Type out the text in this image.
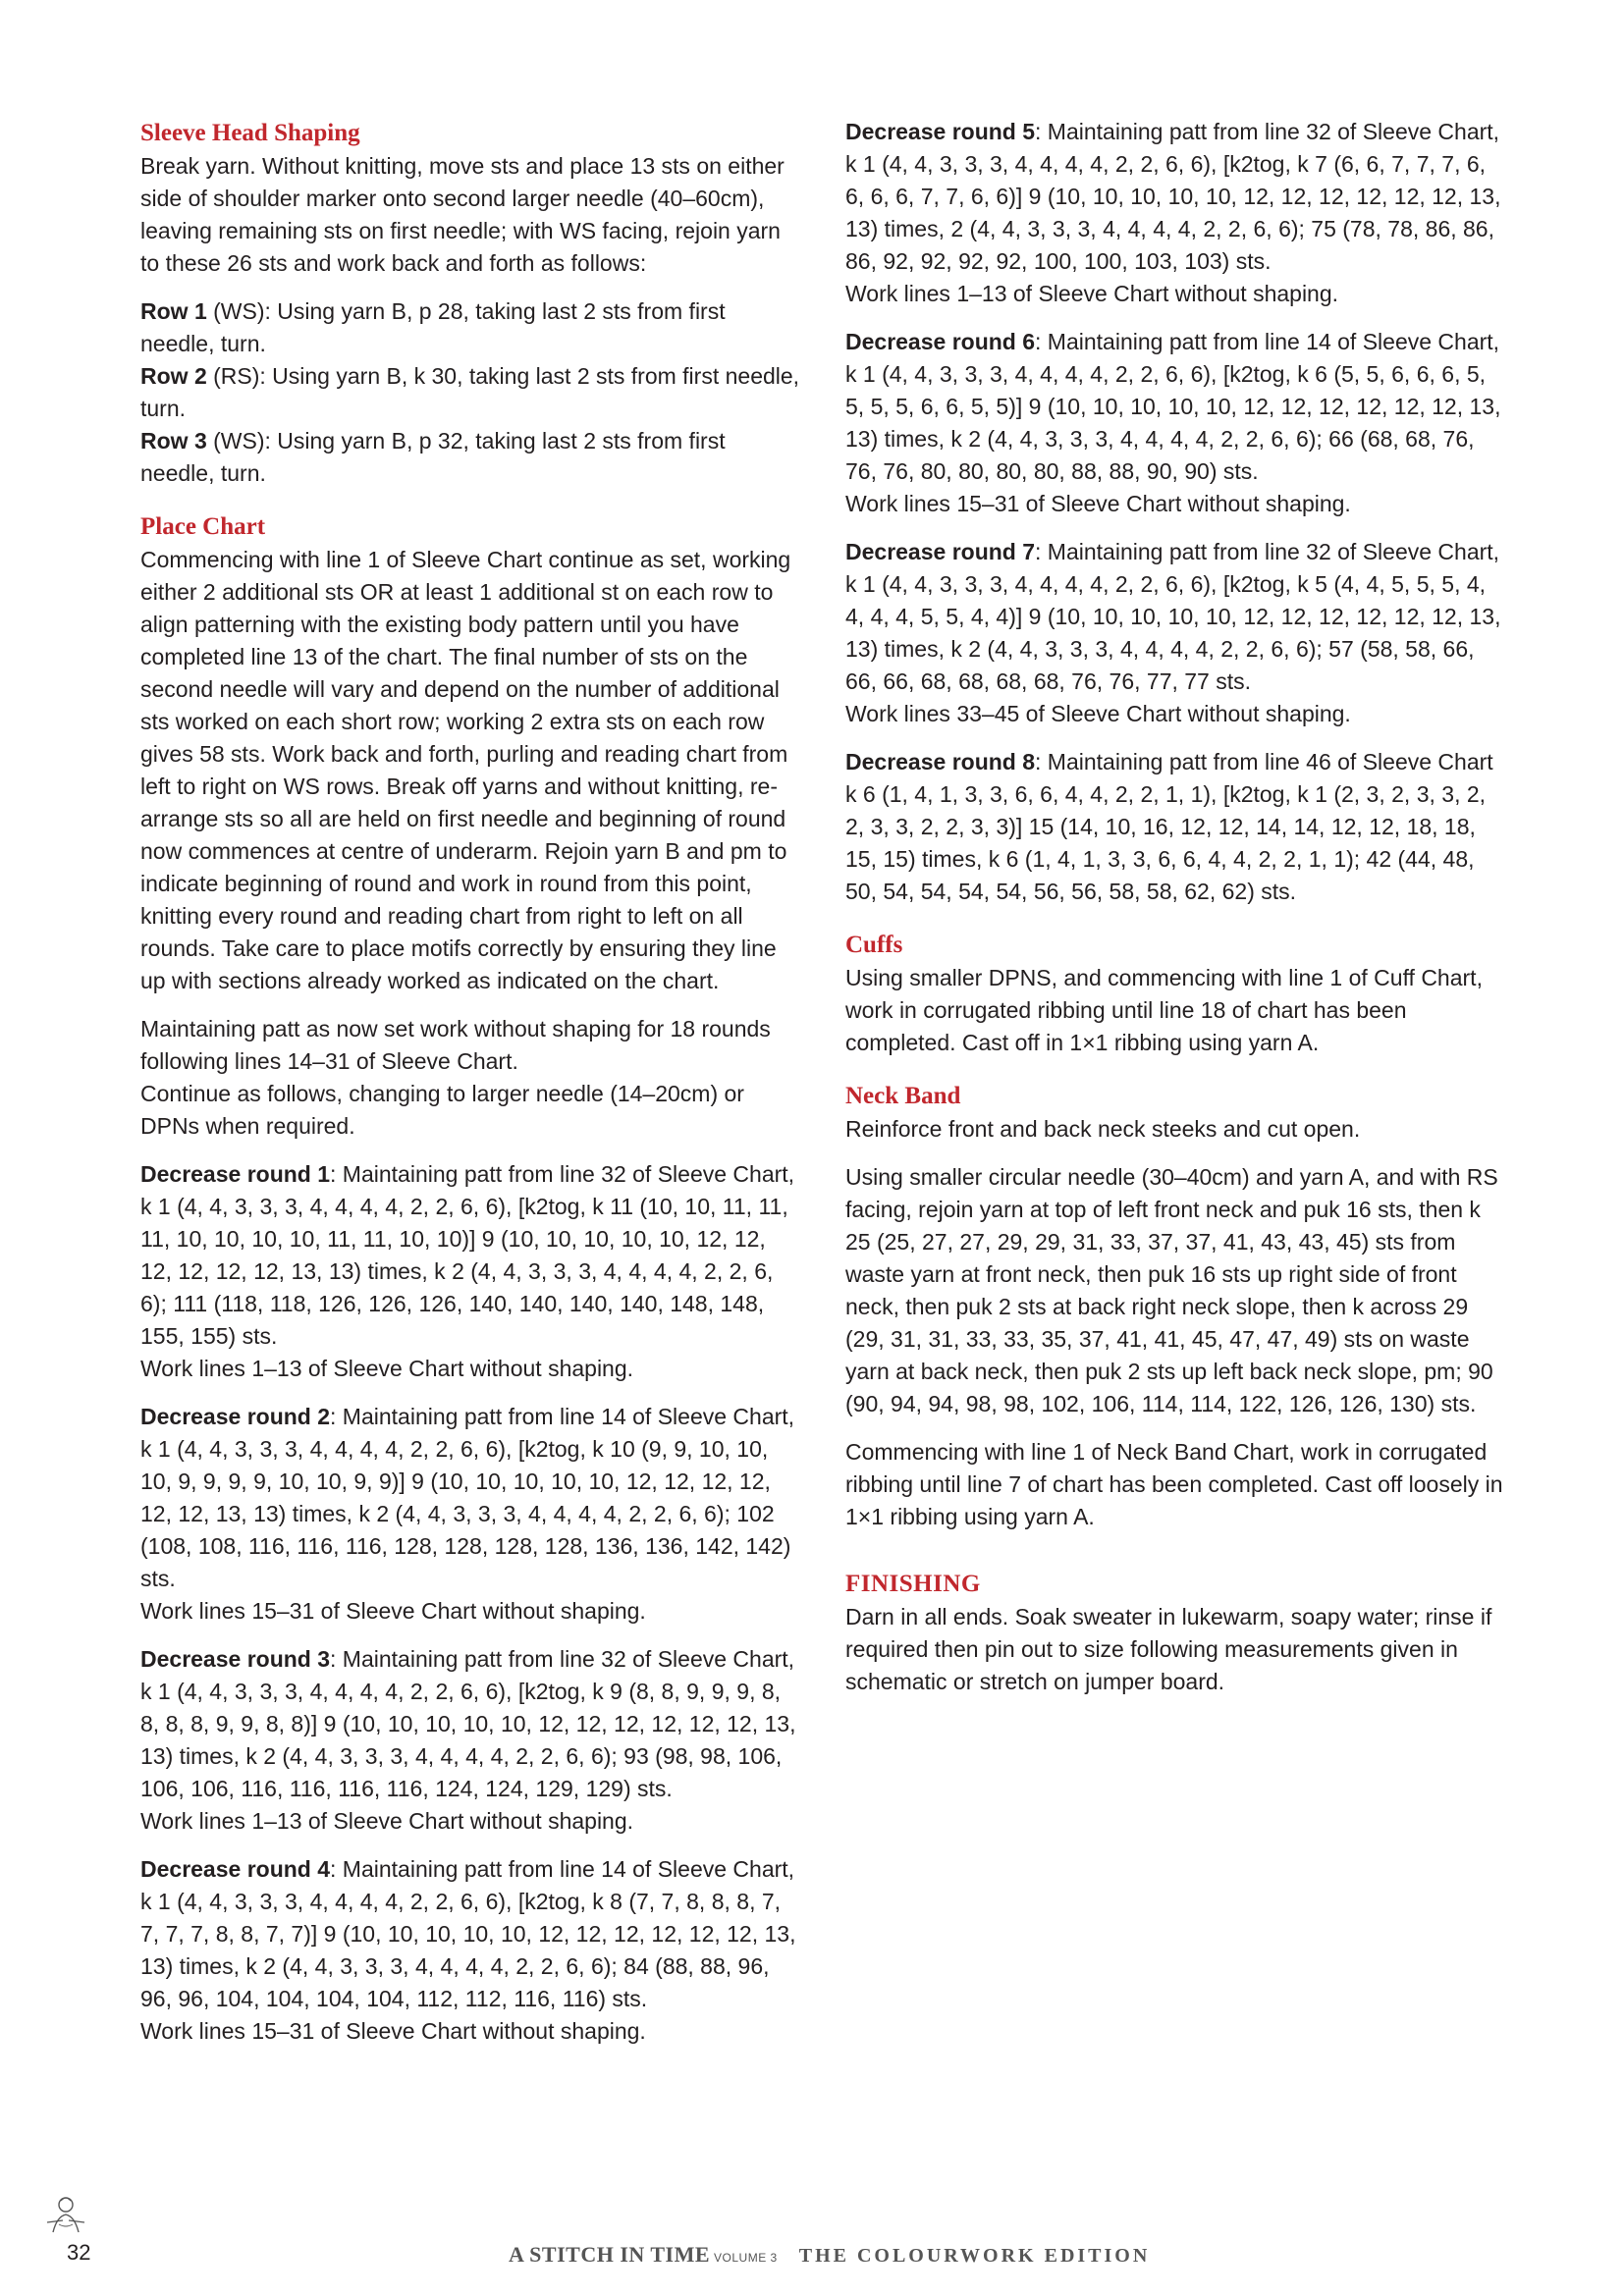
Sleeve Head Shaping

Break yarn. Without knitting, move sts and place 13 sts on either side of shoulder marker onto second larger needle (40–60cm), leaving remaining sts on first needle; with WS facing, rejoin yarn to these 26 sts and work back and forth as follows:

Row 1 (WS): Using yarn B, p 28, taking last 2 sts from first needle, turn.

Row 2 (RS): Using yarn B, k 30, taking last 2 sts from first needle, turn.

Row 3 (WS): Using yarn B, p 32, taking last 2 sts from first needle, turn.

Place Chart

Commencing with line 1 of Sleeve Chart continue as set, working either 2 additional sts OR at least 1 additional st on each row to align patterning with the existing body pattern until you have completed line 13 of the chart. The final number of sts on the second needle will vary and depend on the number of additional sts worked on each short row; working 2 extra sts on each row gives 58 sts. Work back and forth, purling and reading chart from left to right on WS rows. Break off yarns and without knitting, re-arrange sts so all are held on first needle and beginning of round now commences at centre of underarm. Rejoin yarn B and pm to indicate beginning of round and work in round from this point, knitting every round and reading chart from right to left on all rounds. Take care to place motifs correctly by ensuring they line up with sections already worked as indicated on the chart.

Maintaining patt as now set work without shaping for 18 rounds following lines 14–31 of Sleeve Chart.

Continue as follows, changing to larger needle (14–20cm) or DPNs when required.

Decrease round 1: Maintaining patt from line 32 of Sleeve Chart, k 1 (4, 4, 3, 3, 3, 4, 4, 4, 4, 2, 2, 6, 6), [k2tog, k 11 (10, 10, 11, 11, 11, 10, 10, 10, 10, 11, 11, 10, 10)] 9 (10, 10, 10, 10, 10, 12, 12, 12, 12, 12, 12, 13, 13) times, k 2 (4, 4, 3, 3, 3, 4, 4, 4, 4, 2, 2, 6, 6); 111 (118, 118, 126, 126, 126, 140, 140, 140, 140, 148, 148, 155, 155) sts.

Work lines 1–13 of Sleeve Chart without shaping.

Decrease round 2: Maintaining patt from line 14 of Sleeve Chart, k 1 (4, 4, 3, 3, 3, 4, 4, 4, 4, 2, 2, 6, 6), [k2tog, k 10 (9, 9, 10, 10, 10, 9, 9, 9, 9, 10, 10, 9, 9)] 9 (10, 10, 10, 10, 10, 12, 12, 12, 12, 12, 12, 13, 13) times, k 2 (4, 4, 3, 3, 3, 4, 4, 4, 4, 2, 2, 6, 6); 102 (108, 108, 116, 116, 116, 128, 128, 128, 128, 136, 136, 142, 142) sts.

Work lines 15–31 of Sleeve Chart without shaping.

Decrease round 3: Maintaining patt from line 32 of Sleeve Chart, k 1 (4, 4, 3, 3, 3, 4, 4, 4, 4, 2, 2, 6, 6), [k2tog, k 9 (8, 8, 9, 9, 9, 8, 8, 8, 8, 9, 9, 8, 8)] 9 (10, 10, 10, 10, 10, 12, 12, 12, 12, 12, 12, 13, 13) times, k 2 (4, 4, 3, 3, 3, 4, 4, 4, 4, 2, 2, 6, 6); 93 (98, 98, 106, 106, 106, 116, 116, 116, 116, 124, 124, 129, 129) sts.

Work lines 1–13 of Sleeve Chart without shaping.

Decrease round 4: Maintaining patt from line 14 of Sleeve Chart, k 1 (4, 4, 3, 3, 3, 4, 4, 4, 4, 2, 2, 6, 6), [k2tog, k 8 (7, 7, 8, 8, 8, 7, 7, 7, 7, 8, 8, 7, 7)] 9 (10, 10, 10, 10, 10, 12, 12, 12, 12, 12, 12, 13, 13) times, k 2 (4, 4, 3, 3, 3, 4, 4, 4, 4, 2, 2, 6, 6); 84 (88, 88, 96, 96, 96, 104, 104, 104, 104, 112, 112, 116, 116) sts.

Work lines 15–31 of Sleeve Chart without shaping.

Decrease round 5: Maintaining patt from line 32 of Sleeve Chart, k 1 (4, 4, 3, 3, 3, 4, 4, 4, 4, 2, 2, 6, 6), [k2tog, k 7 (6, 6, 7, 7, 7, 6, 6, 6, 6, 7, 7, 6, 6)] 9 (10, 10, 10, 10, 10, 12, 12, 12, 12, 12, 12, 13, 13) times, 2 (4, 4, 3, 3, 3, 4, 4, 4, 4, 2, 2, 6, 6); 75 (78, 78, 86, 86, 86, 92, 92, 92, 92, 100, 100, 103, 103) sts.

Work lines 1–13 of Sleeve Chart without shaping.

Decrease round 6: Maintaining patt from line 14 of Sleeve Chart, k 1 (4, 4, 3, 3, 3, 4, 4, 4, 4, 2, 2, 6, 6), [k2tog, k 6 (5, 5, 6, 6, 6, 5, 5, 5, 5, 6, 6, 5, 5)] 9 (10, 10, 10, 10, 10, 12, 12, 12, 12, 12, 12, 13, 13) times, k 2 (4, 4, 3, 3, 3, 4, 4, 4, 4, 2, 2, 6, 6); 66 (68, 68, 76, 76, 76, 80, 80, 80, 80, 88, 88, 90, 90) sts.

Work lines 15–31 of Sleeve Chart without shaping.

Decrease round 7: Maintaining patt from line 32 of Sleeve Chart, k 1 (4, 4, 3, 3, 3, 4, 4, 4, 4, 2, 2, 6, 6), [k2tog, k 5 (4, 4, 5, 5, 5, 4, 4, 4, 4, 5, 5, 4, 4)] 9 (10, 10, 10, 10, 10, 12, 12, 12, 12, 12, 12, 13, 13) times, k 2 (4, 4, 3, 3, 3, 4, 4, 4, 4, 2, 2, 6, 6); 57 (58, 58, 66, 66, 66, 68, 68, 68, 68, 76, 76, 77, 77 sts.

Work lines 33–45 of Sleeve Chart without shaping.

Decrease round 8: Maintaining patt from line 46 of Sleeve Chart k 6 (1, 4, 1, 3, 3, 6, 6, 4, 4, 2, 2, 1, 1), [k2tog, k 1 (2, 3, 2, 3, 3, 2, 2, 3, 3, 2, 2, 3, 3)] 15 (14, 10, 16, 12, 12, 14, 14, 12, 12, 18, 18, 15, 15) times, k 6 (1, 4, 1, 3, 3, 6, 6, 4, 4, 2, 2, 1, 1); 42 (44, 48, 50, 54, 54, 54, 54, 56, 56, 58, 58, 62, 62) sts.

Cuffs

Using smaller DPNS, and commencing with line 1 of Cuff Chart, work in corrugated ribbing until line 18 of chart has been completed. Cast off in 1×1 ribbing using yarn A.

Neck Band

Reinforce front and back neck steeks and cut open.

Using smaller circular needle (30–40cm) and yarn A, and with RS facing, rejoin yarn at top of left front neck and puk 16 sts, then k 25 (25, 27, 27, 29, 29, 31, 33, 37, 37, 41, 43, 43, 45) sts from waste yarn at front neck, then puk 16 sts up right side of front neck, then puk 2 sts at back right neck slope, then k across 29 (29, 31, 31, 33, 33, 35, 37, 41, 41, 45, 47, 47, 49) sts on waste yarn at back neck, then puk 2 sts up left back neck slope, pm; 90 (90, 94, 94, 98, 98, 102, 106, 114, 114, 122, 126, 126, 130) sts.

Commencing with line 1 of Neck Band Chart, work in corrugated ribbing until line 7 of chart has been completed. Cast off loosely in 1×1 ribbing using yarn A.

FINISHING

Darn in all ends. Soak sweater in lukewarm, soapy water; rinse if required then pin out to size following measurements given in schematic or stretch on jumper board.

32	A STITCH IN TIME VOLUME 3 THE COLOURWORK EDITION
